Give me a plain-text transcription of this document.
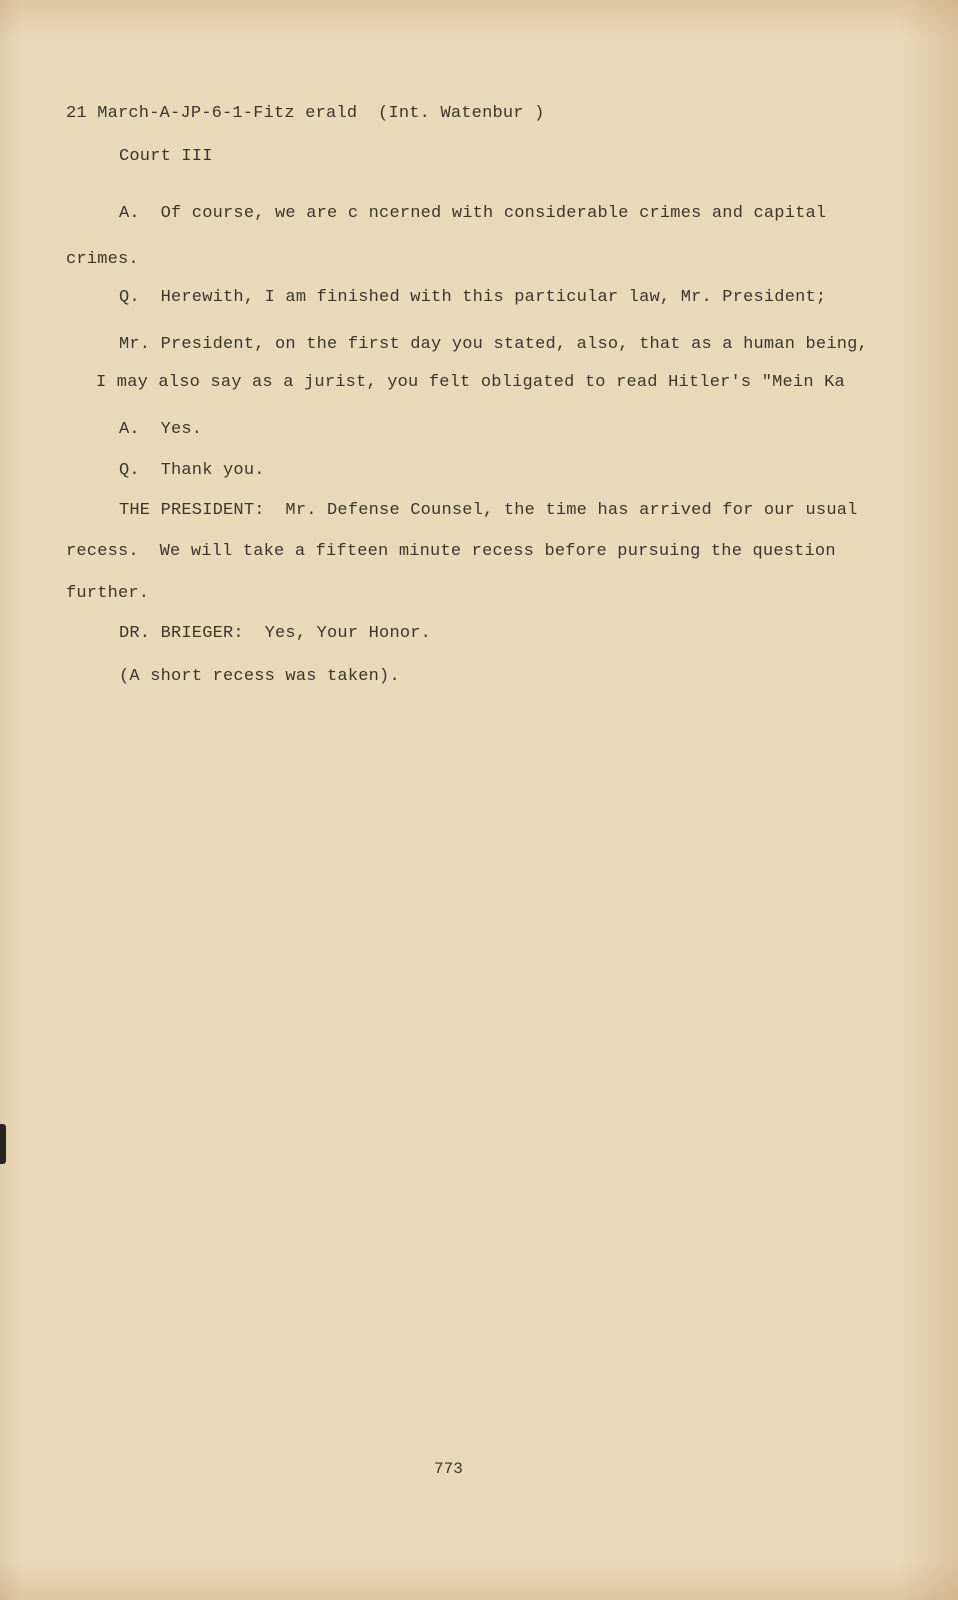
21 March-A-JP-6-1-Fitz erald  (Int. Watenbur )
Court III
A.  Of course, we are c ncerned with considerable crimes and capital
crimes.
Q.  Herewith, I am finished with this particular law, Mr. President;
Mr. President, on the first day you stated, also, that as a human being,
I may also say as a jurist, you felt obligated to read Hitler's "Mein Ka
A.  Yes.
Q.  Thank you.
THE PRESIDENT:  Mr. Defense Counsel, the time has arrived for our usual
recess.  We will take a fifteen minute recess before pursuing the question
further.
DR. BRIEGER:  Yes, Your Honor.
(A short recess was taken).
773
